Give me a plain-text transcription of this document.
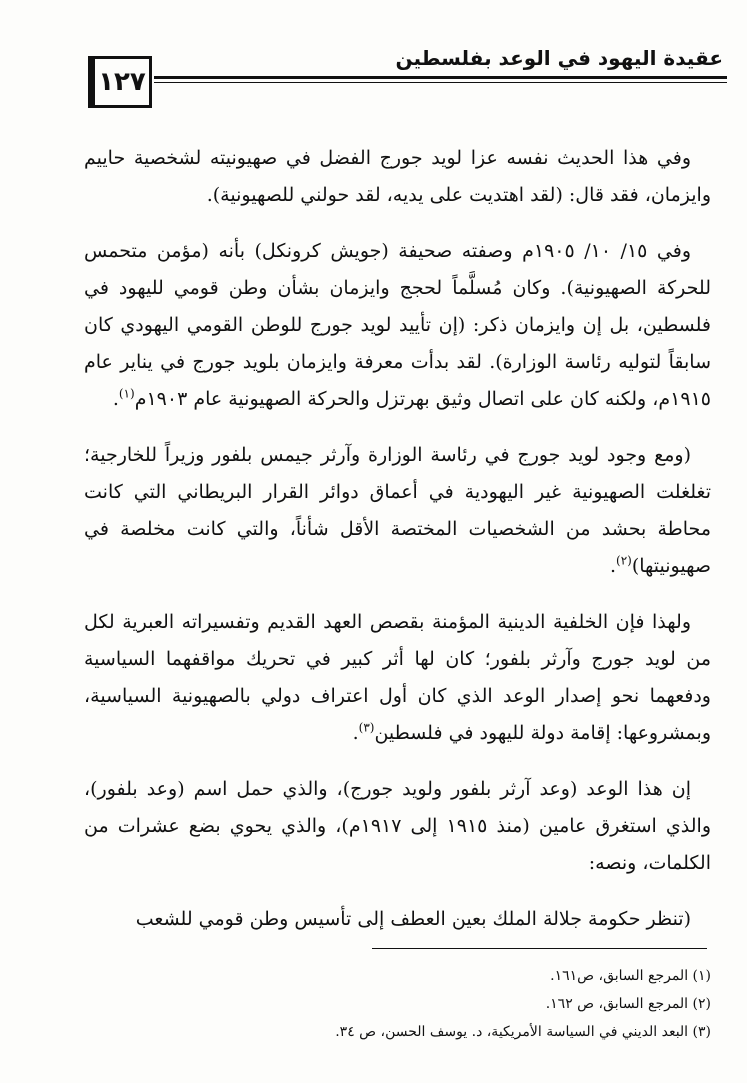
١٢٧
عقيدة اليهود في الوعد بفلسطين

وفي هذا الحديث نفسه عزا لويد جورج الفضل في صهيونيته لشخصية حاييم وايزمان، فقد قال: (لقد اهتديت على يديه، لقد حولني للصهيونية).

وفي ١٥/ ١٠/ ١٩٠٥م وصفته صحيفة (جويش كرونكل) بأنه (مؤمن متحمس للحركة الصهيونية). وكان مُسلَّماً لحجج وايزمان بشأن وطن قومي لليهود في فلسطين، بل إن وايزمان ذكر: (إن تأييد لويد جورج للوطن القومي اليهودي كان سابقاً لتوليه رئاسة الوزارة). لقد بدأت معرفة وايزمان بلويد جورج في يناير عام ١٩١٥م، ولكنه كان على اتصال وثيق بهرتزل والحركة الصهيونية عام ١٩٠٣م$^{(١)}$.

(ومع وجود لويد جورج في رئاسة الوزارة وآرثر جيمس بلفور وزيراً للخارجية؛ تغلغلت الصهيونية غير اليهودية في أعماق دوائر القرار البريطاني التي كانت محاطة بحشد من الشخصيات المختصة الأقل شأناً، والتي كانت مخلصة في صهيونيتها)$^{(٢)}$.

ولهذا فإن الخلفية الدينية المؤمنة بقصص العهد القديم وتفسيراته العبرية لكل من لويد جورج وآرثر بلفور؛ كان لها أثر كبير في تحريك مواقفهما السياسية ودفعهما نحو إصدار الوعد الذي كان أول اعتراف دولي بالصهيونية السياسية، وبمشروعها: إقامة دولة لليهود في فلسطين$^{(٣)}$.

إن هذا الوعد (وعد آرثر بلفور ولويد جورج)، والذي حمل اسم (وعد بلفور)، والذي استغرق عامين (منذ ١٩١٥ إلى ١٩١٧م)، والذي يحوي بضع عشرات من الكلمات، ونصه:

(تنظر حكومة جلالة الملك بعين العطف إلى تأسيس وطن قومي للشعب

(١) المرجع السابق، ص١٦١.
(٢) المرجع السابق، ص ١٦٢.
(٣) البعد الديني في السياسة الأمريكية، د. يوسف الحسن، ص ٣٤.
